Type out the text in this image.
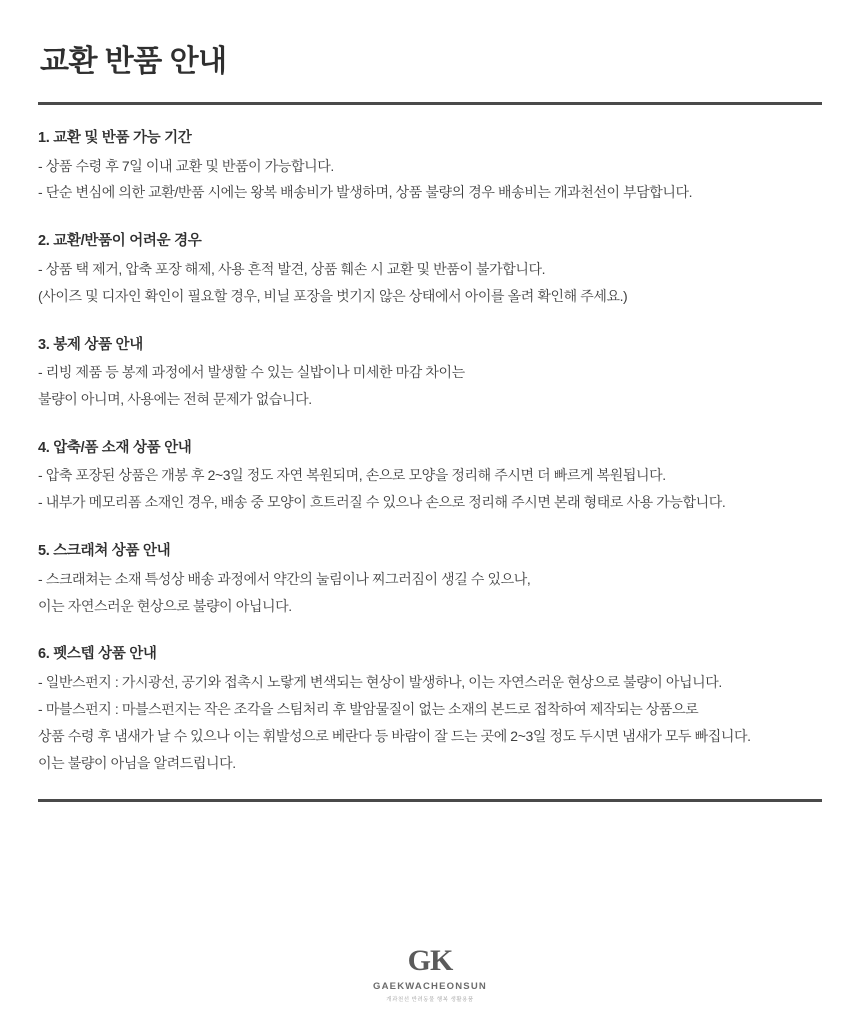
교환 반품 안내
1. 교환 및 반품 가능 기간
- 상품 수령 후 7일 이내 교환 및 반품이 가능합니다.
- 단순 변심에 의한 교환/반품 시에는 왕복 배송비가 발생하며, 상품 불량의 경우 배송비는 개과천선이 부담합니다.
2. 교환/반품이 어려운 경우
- 상품 택 제거, 압축 포장 해제, 사용 흔적 발견, 상품 훼손 시 교환 및 반품이 불가합니다.
(사이즈 및 디자인 확인이 필요할 경우, 비닐 포장을 벗기지 않은 상태에서 아이를 올려 확인해 주세요.)
3. 봉제 상품 안내
- 리빙 제품 등 봉제 과정에서 발생할 수 있는 실밥이나 미세한 마감 차이는
불량이 아니며, 사용에는 전혀 문제가 없습니다.
4. 압축/폼 소재 상품 안내
- 압축 포장된 상품은 개봉 후 2~3일 정도 자연 복원되며, 손으로 모양을 정리해 주시면 더 빠르게 복원됩니다.
- 내부가 메모리폼 소재인 경우, 배송 중 모양이 흐트러질 수 있으나 손으로 정리해 주시면 본래 형태로 사용 가능합니다.
5. 스크래쳐 상품 안내
- 스크래쳐는 소재 특성상 배송 과정에서 약간의 눌림이나 찌그러짐이 생길 수 있으나,
이는 자연스러운 현상으로 불량이 아닙니다.
6. 펫스텝 상품 안내
- 일반스펀지 : 가시광선, 공기와 접촉시 노랗게 변색되는 현상이 발생하나, 이는 자연스러운 현상으로 불량이 아닙니다.
- 마블스펀지 : 마블스펀지는 작은 조각을 스팀처리 후 발암물질이 없는 소재의 본드로 접착하여 제작되는 상품으로
상품 수령 후 냄새가 날 수 있으나 이는 휘발성으로 베란다 등 바람이 잘 드는 곳에 2~3일 정도 두시면 냄새가 모두 빠집니다.
이는 불량이 아님을 알려드립니다.
GK
GAEKWACHEONSUN
개과천선 반려동물 행복 생활용품
